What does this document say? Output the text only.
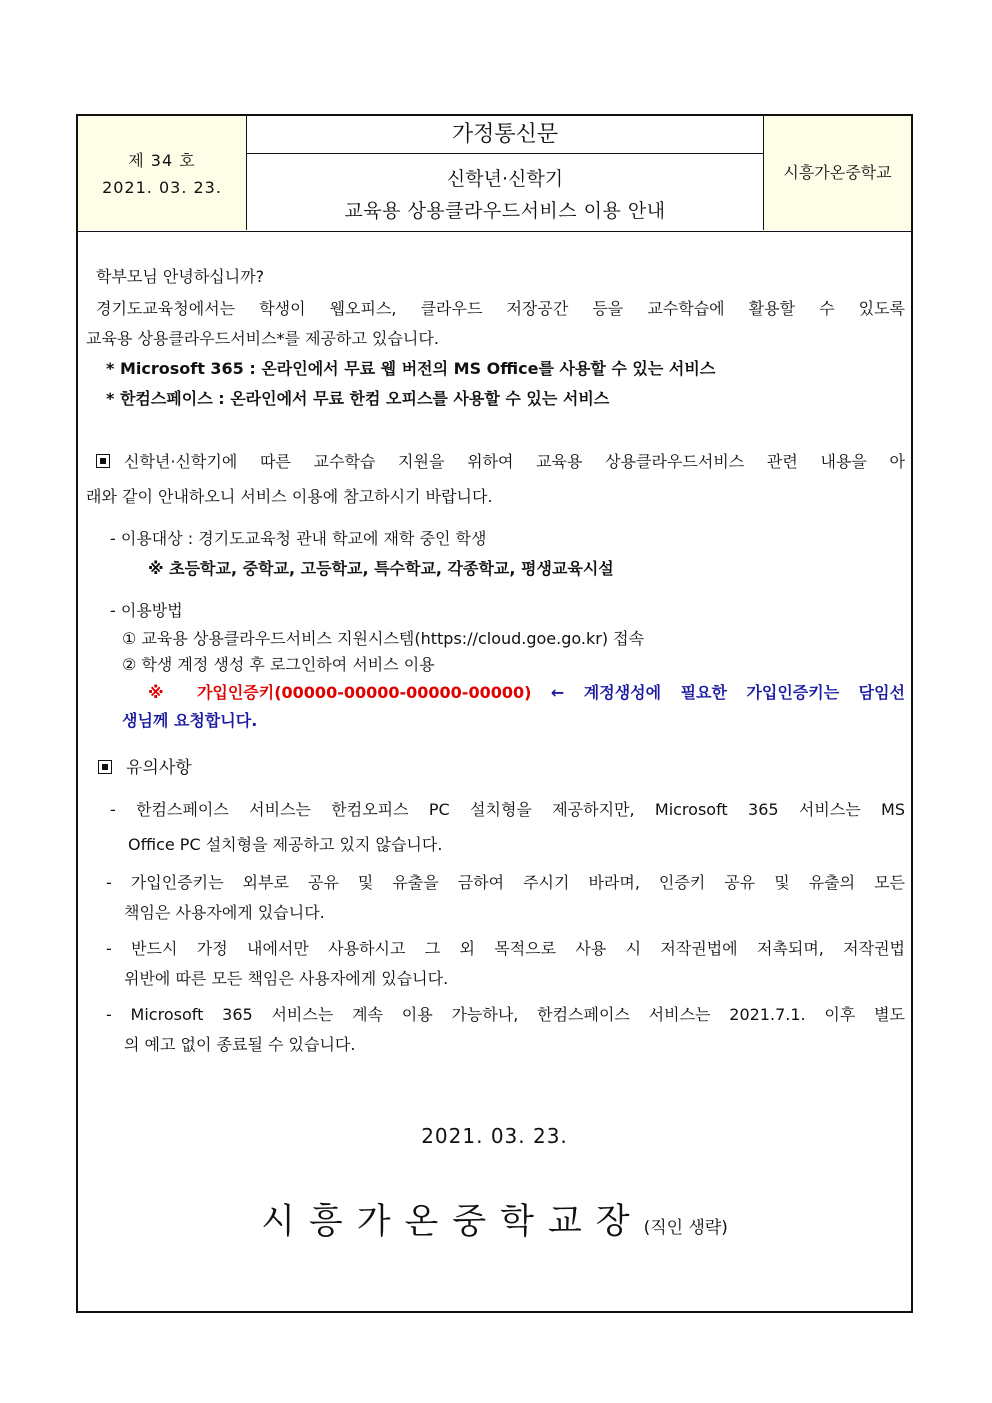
제 34 호
2021. 03. 23.
가정통신문
신학년·신학기
교육용 상용클라우드서비스 이용 안내
시흥가온중학교
학부모님 안녕하십니까?
경기도교육청에서는 학생이 웹오피스, 클라우드 저장공간 등을 교수학습에 활용할 수 있도록
교육용 상용클라우드서비스*를 제공하고 있습니다.
* Microsoft 365 : 온라인에서 무료 웹 버전의 MS Office를 사용할 수 있는 서비스
* 한컴스페이스 : 온라인에서 무료 한컴 오피스를 사용할 수 있는 서비스
신학년·신학기에 따른 교수학습 지원을 위하여 교육용 상용클라우드서비스 관련 내용을 아
래와 같이 안내하오니 서비스 이용에 참고하시기 바랍니다.
- 이용대상 : 경기도교육청 관내 학교에 재학 중인 학생
※ 초등학교, 중학교, 고등학교, 특수학교, 각종학교, 평생교육시설
- 이용방법
① 교육용 상용클라우드서비스 지원시스템(https://cloud.goe.go.kr) 접속
② 학생 계정 생성 후 로그인하여 서비스 이용
※ 가입인증키(00000-00000-00000-00000) ← 계정생성에 필요한 가입인증키는 담임선
생님께 요청합니다.
유의사항
- 한컴스페이스 서비스는 한컴오피스 PC 설치형을 제공하지만, Microsoft 365 서비스는 MS
Office PC 설치형을 제공하고 있지 않습니다.
- 가입인증키는 외부로 공유 및 유출을 금하여 주시기 바라며, 인증키 공유 및 유출의 모든
책임은 사용자에게 있습니다.
- 반드시 가정 내에서만 사용하시고 그 외 목적으로 사용 시 저작권법에 저촉되며, 저작권법
위반에 따른 모든 책임은 사용자에게 있습니다.
- Microsoft 365 서비스는 계속 이용 가능하나, 한컴스페이스 서비스는 2021.7.1. 이후 별도
의 예고 없이 종료될 수 있습니다.
2021. 03. 23.
시흥가온중학교장(직인 생략)
